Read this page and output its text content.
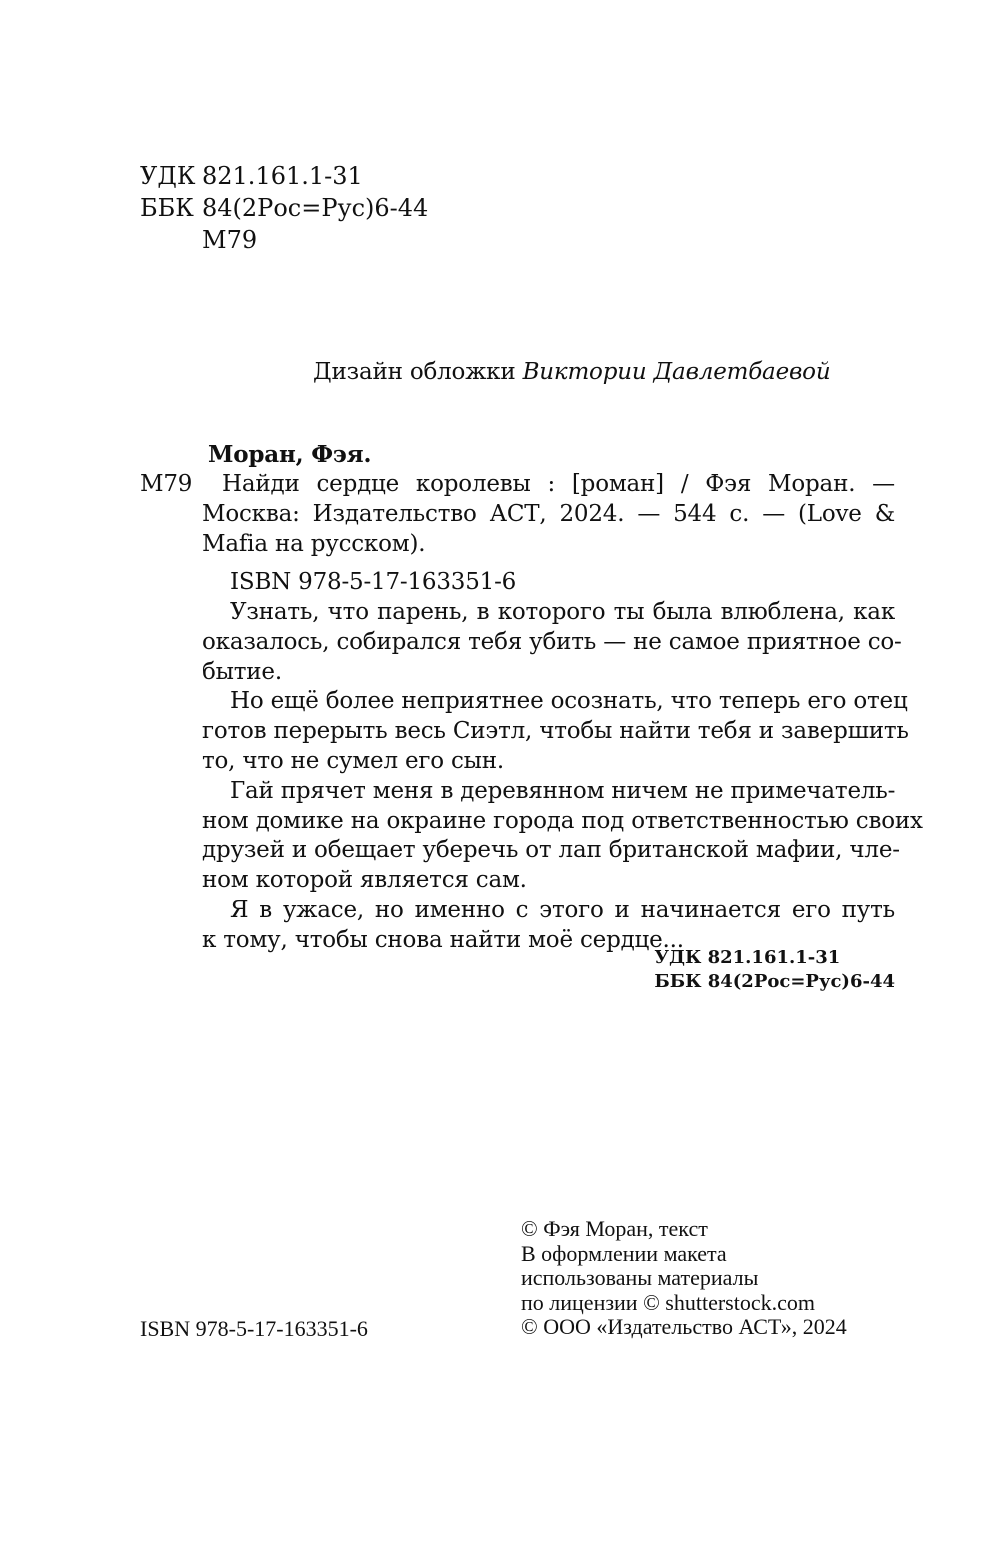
УДК 821.161.1-31
ББК 84(2Рос=Рус)6-44
М79
Дизайн обложки Виктории Давлетбаевой
Моран, Фэя.
М79	Найди сердце королевы : [роман] / Фэя Моран. —
Москва: Издательство АСТ, 2024. — 544 с. — (Love &
Mafia на русском).
ISBN 978-5-17-163351-6
Узнать, что парень, в которого ты была влюблена, как
оказалось, собирался тебя убить — не самое приятное со-
бытие.
Но ещё более неприятнее осознать, что теперь его отец
готов перерыть весь Сиэтл, чтобы найти тебя и завершить
то, что не сумел его сын.
Гай прячет меня в деревянном ничем не примечатель-
ном домике на окраине города под ответственностью своих
друзей и обещает уберечь от лап британской мафии, чле-
ном которой является сам.
Я в ужасе, но именно с этого и начинается его путь
к тому, чтобы снова найти моё сердце...
УДК 821.161.1-31
ББК 84(2Рос=Рус)6-44
ISBN 978-5-17-163351-6
© Фэя Моран, текст
В оформлении макета
использованы материалы
по лицензии © shutterstock.com
© ООО «Издательство АСТ», 2024
